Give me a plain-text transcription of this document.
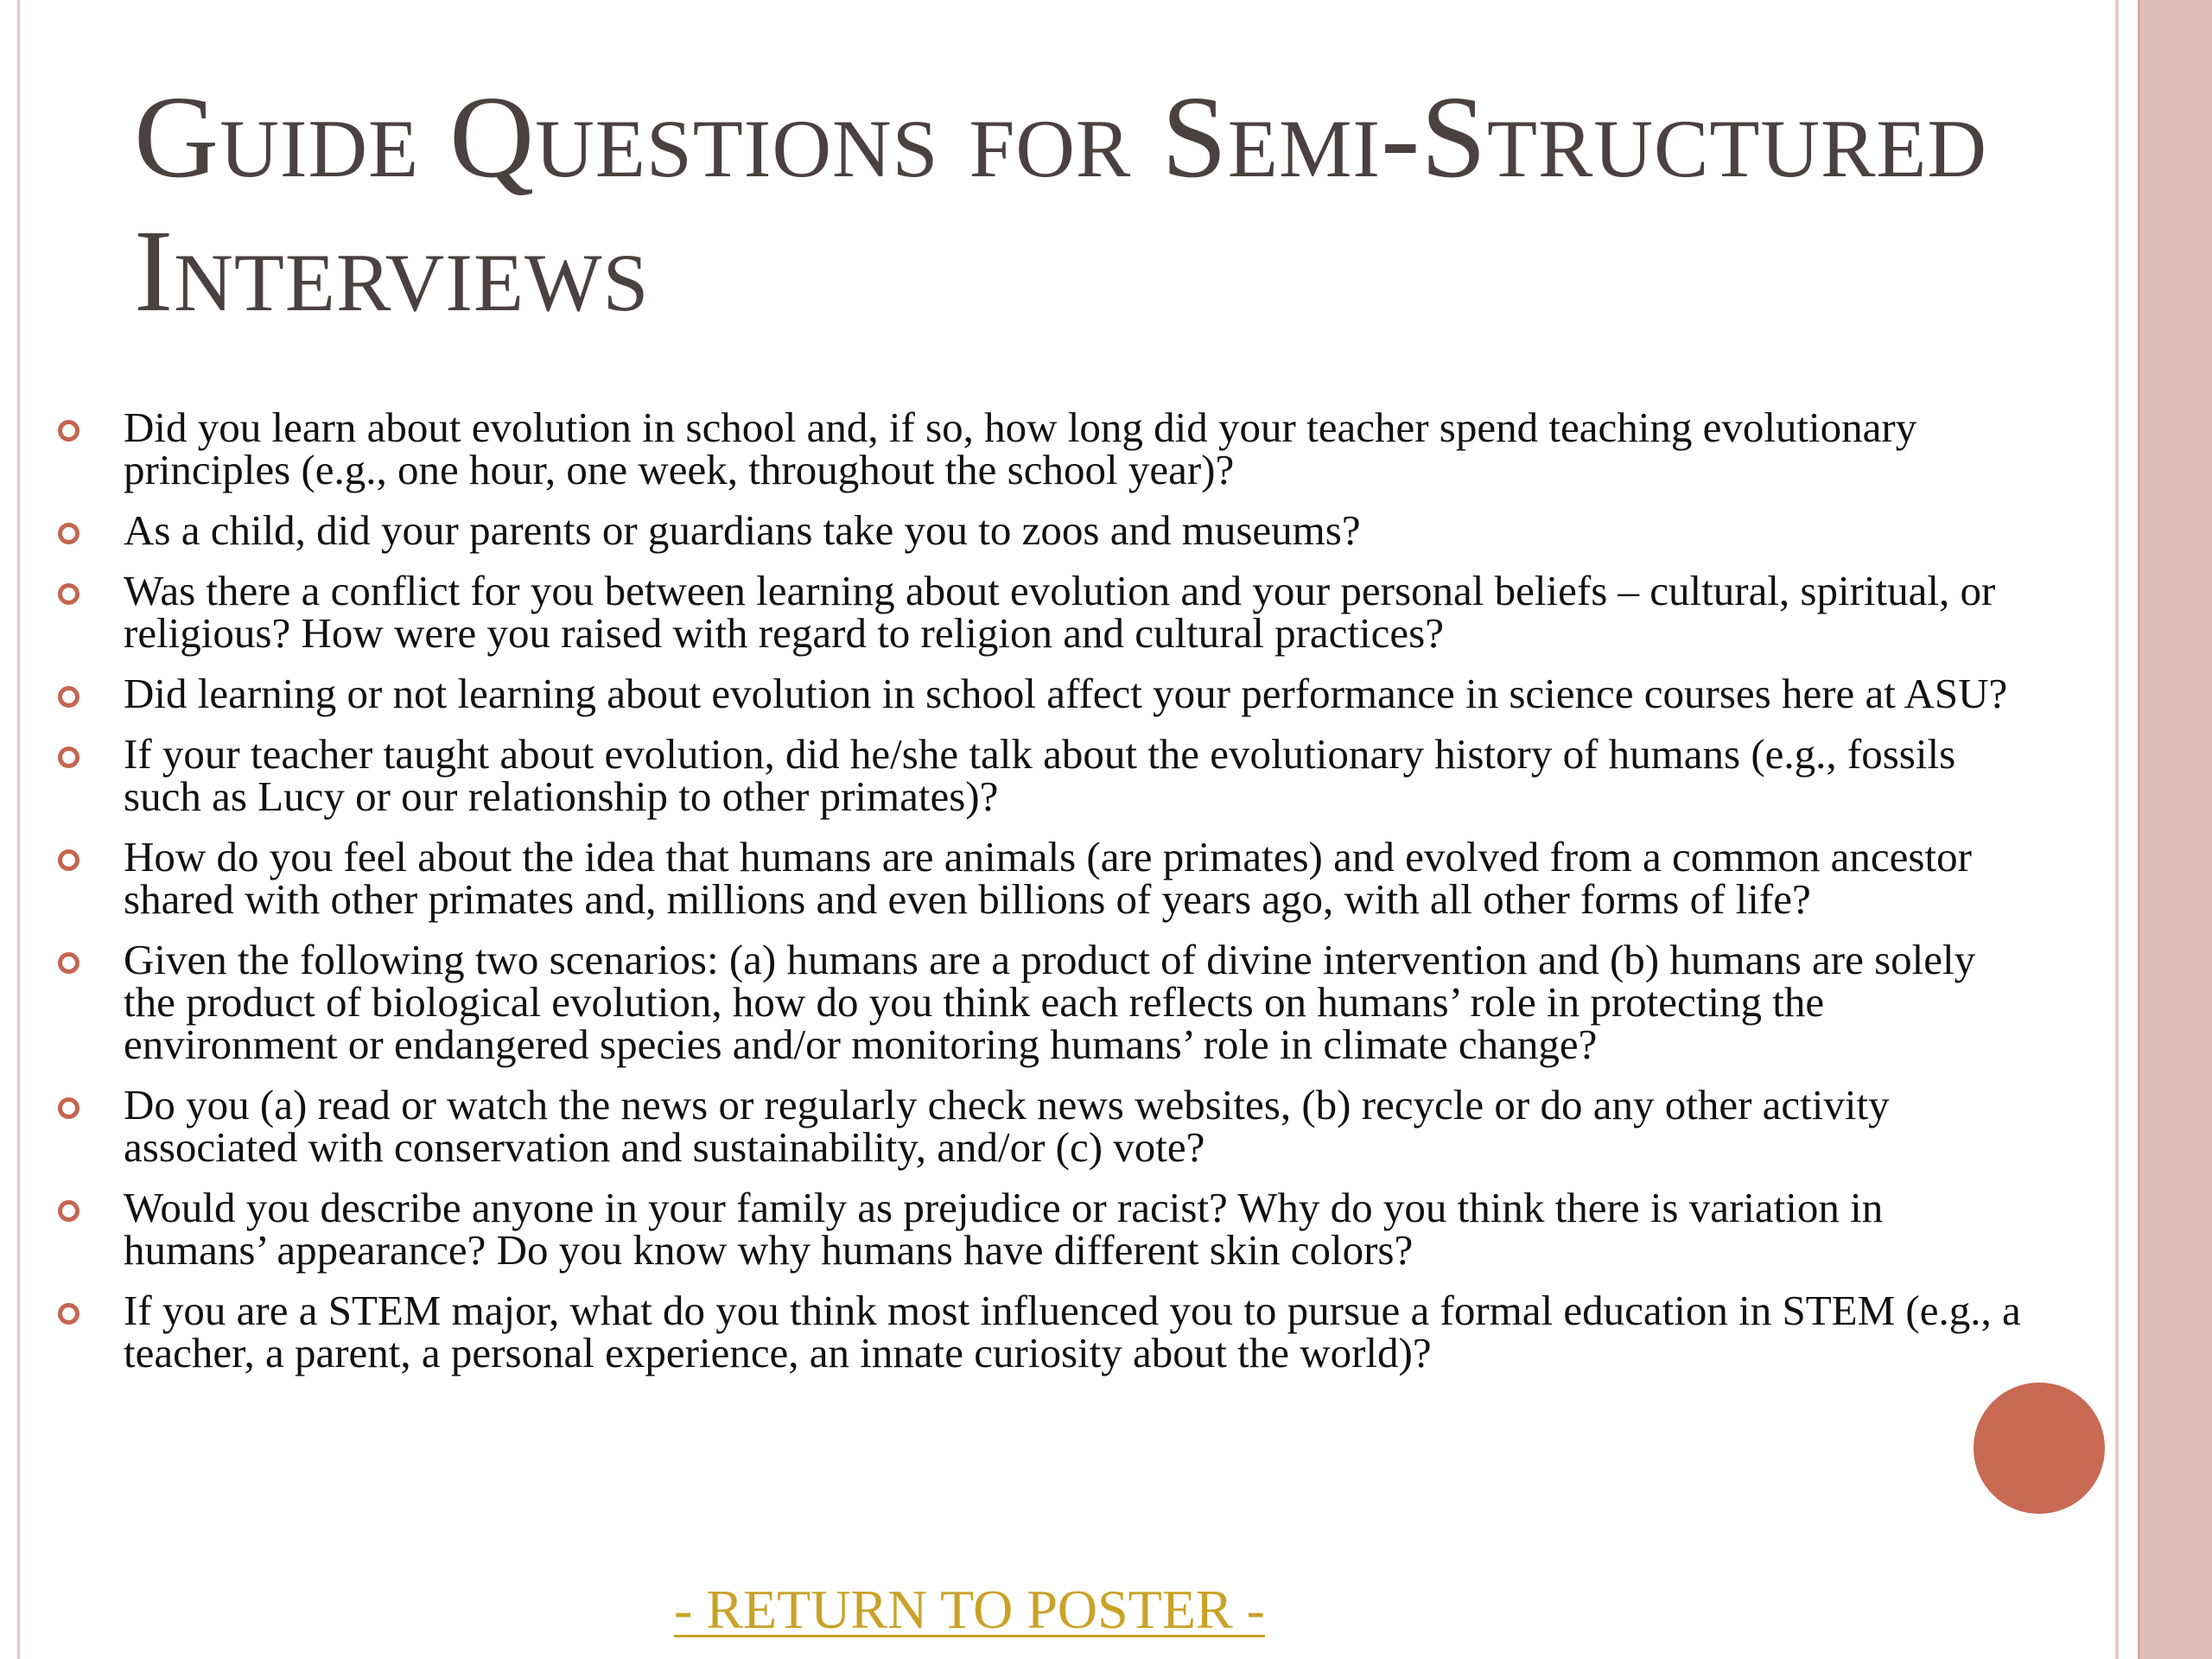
Guide Questions for Semi-Structured Interviews
Did you learn about evolution in school and, if so, how long did your teacher spend teaching evolutionary principles (e.g., one hour, one week, throughout the school year)?
As a child, did your parents or guardians take you to zoos and museums?
Was there a conflict for you between learning about evolution and your personal beliefs – cultural, spiritual, or religious? How were you raised with regard to religion and cultural practices?
Did learning or not learning about evolution in school affect your performance in science courses here at ASU?
If your teacher taught about evolution, did he/she talk about the evolutionary history of humans (e.g., fossils such as Lucy or our relationship to other primates)?
How do you feel about the idea that humans are animals (are primates) and evolved from a common ancestor shared with other primates and, millions and even billions of years ago, with all other forms of life?
Given the following two scenarios: (a) humans are a product of divine intervention and (b) humans are solely the product of biological evolution, how do you think each reflects on humans’ role in protecting the environment or endangered species and/or monitoring humans’ role in climate change?
Do you (a) read or watch the news or regularly check news websites, (b) recycle or do any other activity associated with conservation and sustainability, and/or (c) vote?
Would you describe anyone in your family as prejudice or racist? Why do you think there is variation in humans’ appearance? Do you know why humans have different skin colors?
If you are a STEM major, what do you think most influenced you to pursue a formal education in STEM (e.g., a teacher, a parent, a personal experience, an innate curiosity about the world)?
- RETURN TO POSTER -
